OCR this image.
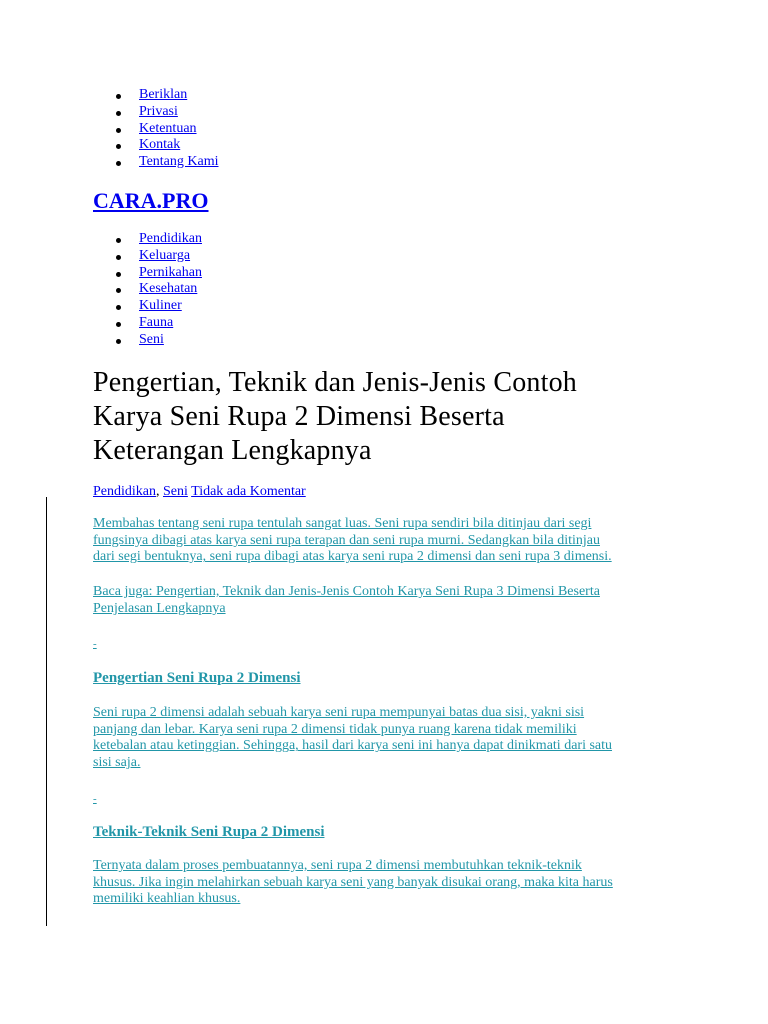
Beriklan
Privasi
Ketentuan
Kontak
Tentang Kami
CARA.PRO
Pendidikan
Keluarga
Pernikahan
Kesehatan
Kuliner
Fauna
Seni
Pengertian, Teknik dan Jenis-Jenis Contoh
Karya Seni Rupa 2 Dimensi Beserta
Keterangan Lengkapnya
Pendidikan, Seni Tidak ada Komentar

Membahas tentang seni rupa tentulah sangat luas. Seni rupa sendiri bila ditinjau dari segi
fungsinya dibagi atas karya seni rupa terapan dan seni rupa murni. Sedangkan bila ditinjau
dari segi bentuknya, seni rupa dibagi atas karya seni rupa 2 dimensi dan seni rupa 3 dimensi.

Baca juga: Pengertian, Teknik dan Jenis-Jenis Contoh Karya Seni Rupa 3 Dimensi Beserta
Penjelasan Lengkapnya

-
Pengertian Seni Rupa 2 Dimensi

Seni rupa 2 dimensi adalah sebuah karya seni rupa mempunyai batas dua sisi, yakni sisi
panjang dan lebar. Karya seni rupa 2 dimensi tidak punya ruang karena tidak memiliki
ketebalan atau ketinggian. Sehingga, hasil dari karya seni ini hanya dapat dinikmati dari satu
sisi saja.

-
Teknik-Teknik Seni Rupa 2 Dimensi

Ternyata dalam proses pembuatannya, seni rupa 2 dimensi membutuhkan teknik-teknik
khusus. Jika ingin melahirkan sebuah karya seni yang banyak disukai orang, maka kita harus
memiliki keahlian khusus.
